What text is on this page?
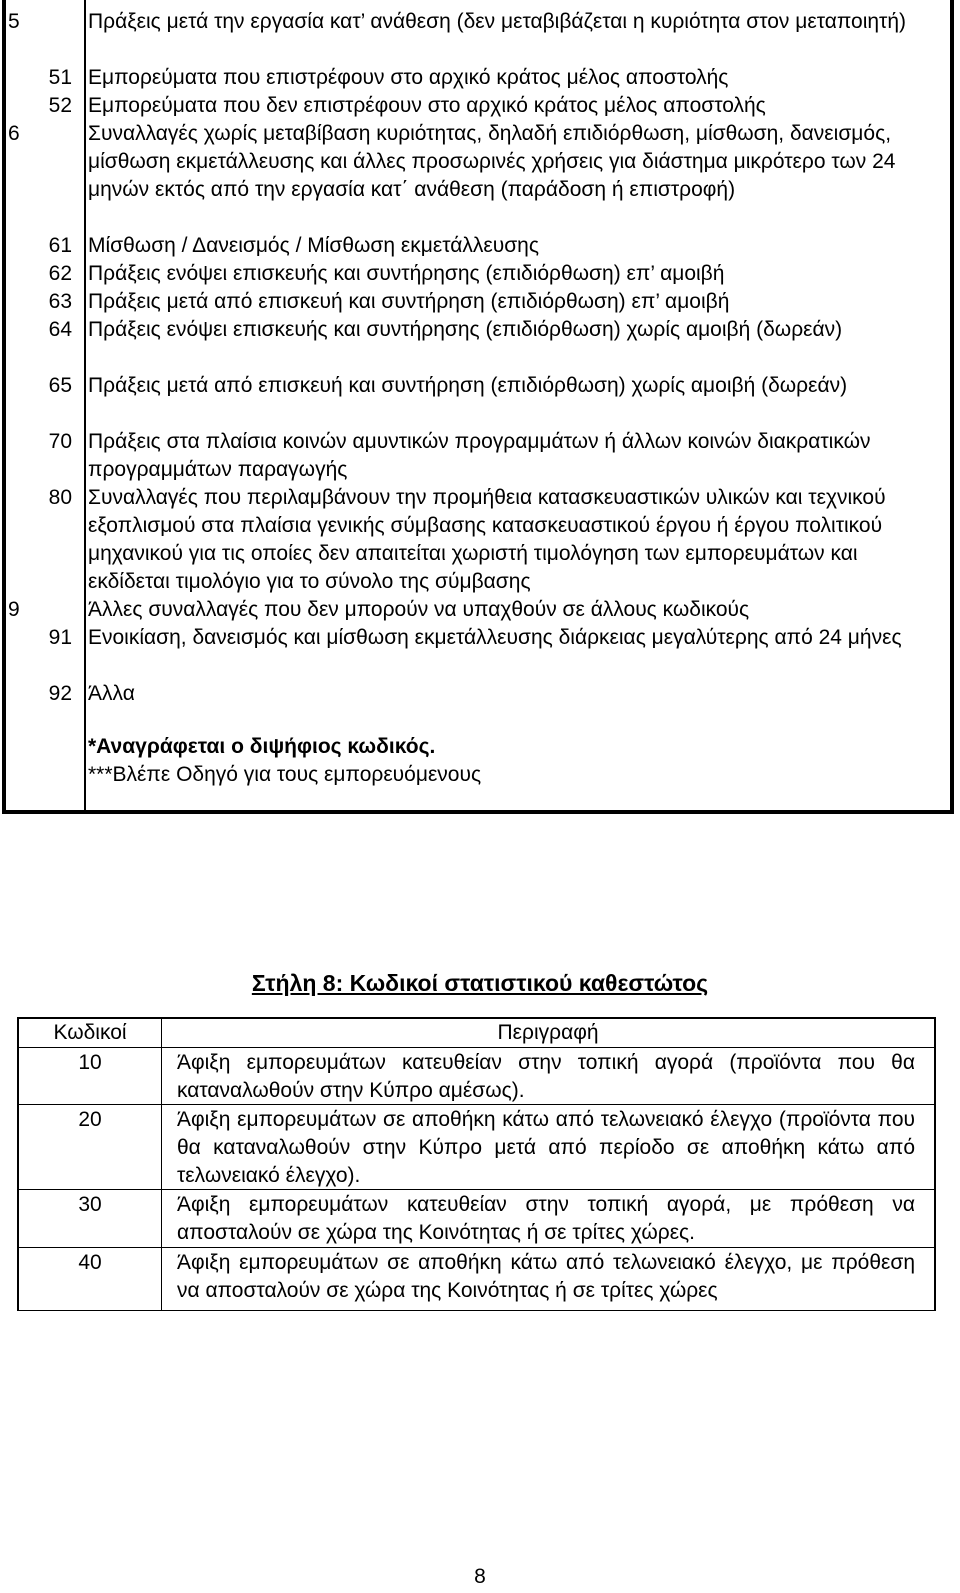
5	Πράξεις μετά την εργασία κατ’ ανάθεση (δεν μεταβιβάζεται η κυριότητα στον μεταποιητή)
51 Εμπορεύματα που επιστρέφουν στο αρχικό κράτος μέλος αποστολής
52 Εμπορεύματα που δεν επιστρέφουν στο αρχικό κράτος μέλος αποστολής
6	Συναλλαγές χωρίς μεταβίβαση κυριότητας, δηλαδή επιδιόρθωση, μίσθωση, δανεισμός, μίσθωση εκμετάλλευσης και άλλες προσωρινές χρήσεις για διάστημα μικρότερο των 24 μηνών εκτός από την εργασία κατ΄ ανάθεση (παράδοση ή επιστροφή)
61 Μίσθωση / Δανεισμός / Μίσθωση εκμετάλλευσης
62 Πράξεις ενόψει επισκευής και συντήρησης (επιδιόρθωση) επ’ αμοιβή
63 Πράξεις μετά από επισκευή και συντήρηση (επιδιόρθωση) επ’ αμοιβή
64 Πράξεις ενόψει επισκευής και συντήρησης (επιδιόρθωση) χωρίς αμοιβή (δωρεάν)
65 Πράξεις μετά από επισκευή και συντήρηση (επιδιόρθωση) χωρίς αμοιβή (δωρεάν)
70 Πράξεις στα πλαίσια κοινών αμυντικών προγραμμάτων ή άλλων κοινών διακρατικών προγραμμάτων παραγωγής
80 Συναλλαγές που περιλαμβάνουν την προμήθεια κατασκευαστικών υλικών και τεχνικού εξοπλισμού στα πλαίσια γενικής σύμβασης κατασκευαστικού έργου ή έργου πολιτικού μηχανικού για τις οποίες δεν απαιτείται χωριστή τιμολόγηση των εμπορευμάτων και εκδίδεται τιμολόγιο για το σύνολο της σύμβασης
9	Άλλες συναλλαγές που δεν μπορούν να υπαχθούν σε άλλους κωδικούς
91 Ενοικίαση, δανεισμός και μίσθωση εκμετάλλευσης διάρκειας μεγαλύτερης από 24 μήνες
92 Άλλα
*Αναγράφεται ο διψήφιος κωδικός.
***Βλέπε Οδηγό για τους εμπορευόμενους
Στήλη 8: Κωδικοί στατιστικού καθεστώτος
Κωδικοί	Περιγραφή
10	Άφιξη εμπορευμάτων κατευθείαν στην τοπική αγορά (προϊόντα που θα καταναλωθούν στην Κύπρο αμέσως).
20	Άφιξη εμπορευμάτων σε αποθήκη κάτω από τελωνειακό έλεγχο (προϊόντα που θα καταναλωθούν στην Κύπρο μετά από περίοδο σε αποθήκη κάτω από τελωνειακό έλεγχο).
30	Άφιξη εμπορευμάτων κατευθείαν στην τοπική αγορά, με πρόθεση να αποσταλούν σε χώρα της Κοινότητας ή σε τρίτες χώρες.
40	Άφιξη εμπορευμάτων σε αποθήκη κάτω από τελωνειακό έλεγχο, με πρόθεση να αποσταλούν σε χώρα της Κοινότητας ή σε τρίτες χώρες
8
